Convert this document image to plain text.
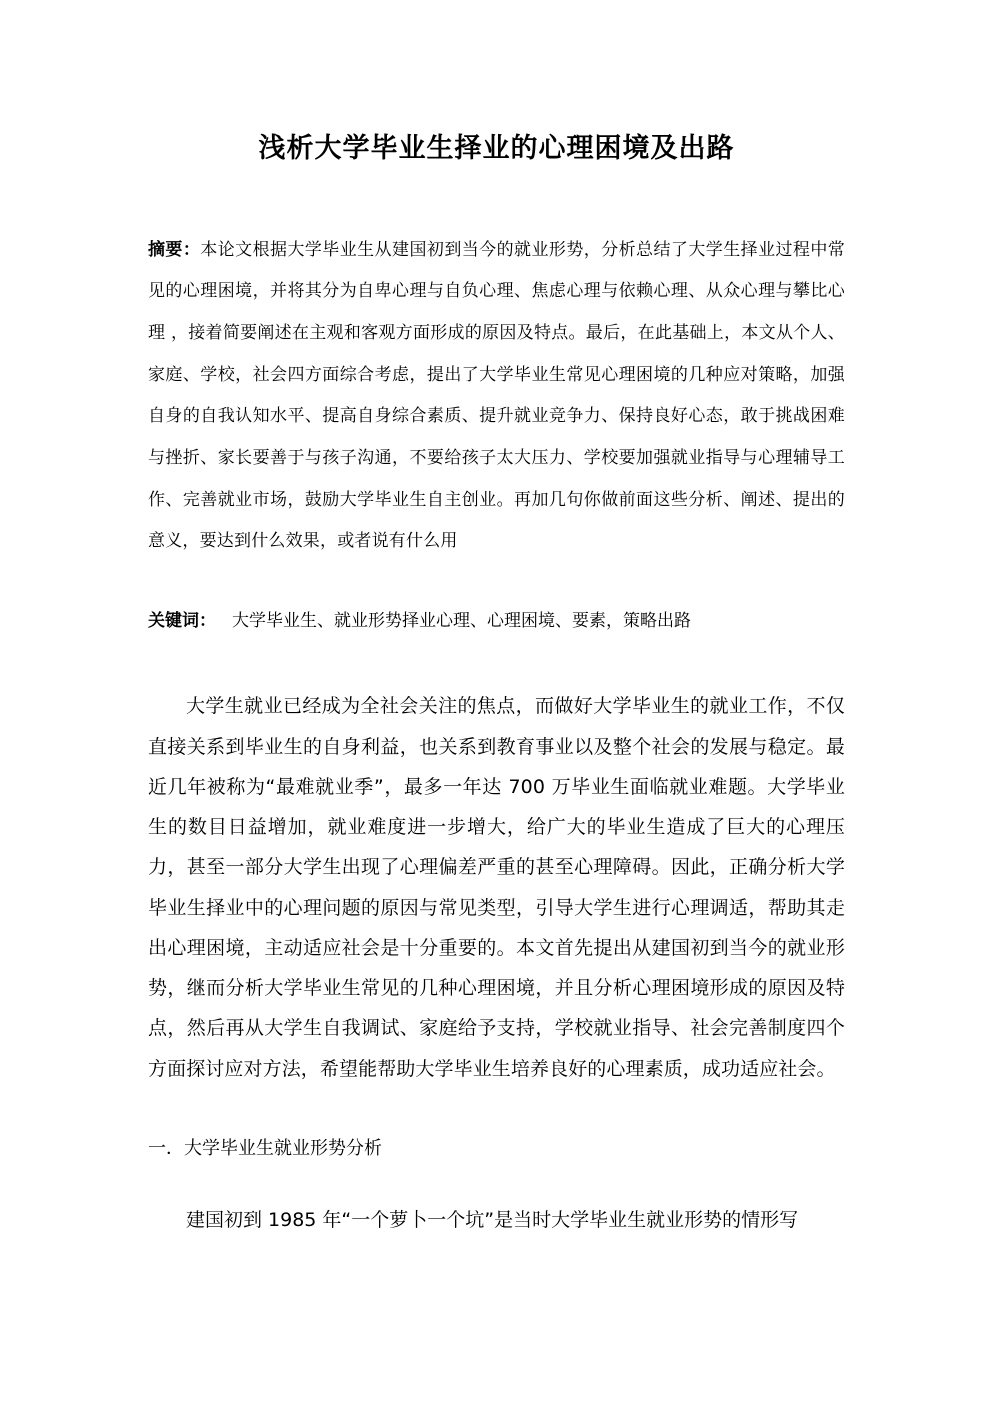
浅析大学毕业生择业的心理困境及出路
摘要：本论文根据大学毕业生从建国初到当今的就业形势，分析总结了大学生择业过程中常见的心理困境，并将其分为自卑心理与自负心理、焦虑心理与依赖心理、从众心理与攀比心理 ，接着简要阐述在主观和客观方面形成的原因及特点。最后，在此基础上，本文从个人、家庭、学校，社会四方面综合考虑，提出了大学毕业生常见心理困境的几种应对策略，加强自身的自我认知水平、提高自身综合素质、提升就业竞争力、保持良好心态，敢于挑战困难与挫折、家长要善于与孩子沟通，不要给孩子太大压力、学校要加强就业指导与心理辅导工作、完善就业市场，鼓励大学毕业生自主创业。再加几句你做前面这些分析、阐述、提出的意义，要达到什么效果，或者说有什么用
关键词： 大学毕业生、就业形势择业心理、心理困境、要素，策略出路

大学生就业已经成为全社会关注的焦点，而做好大学毕业生的就业工作，不仅直接关系到毕业生的自身利益，也关系到教育事业以及整个社会的发展与稳定。最近几年被称为“最难就业季”，最多一年达 700 万毕业生面临就业难题。大学毕业生的数目日益增加，就业难度进一步增大，给广大的毕业生造成了巨大的心理压力，甚至一部分大学生出现了心理偏差严重的甚至心理障碍。因此，正确分析大学毕业生择业中的心理问题的原因与常见类型，引导大学生进行心理调适，帮助其走出心理困境，主动适应社会是十分重要的。本文首先提出从建国初到当今的就业形势，继而分析大学毕业生常见的几种心理困境，并且分析心理困境形成的原因及特点，然后再从大学生自我调试、家庭给予支持，学校就业指导、社会完善制度四个方面探讨应对方法，希望能帮助大学毕业生培养良好的心理素质，成功适应社会。

一．大学毕业生就业形势分析

建国初到 1985 年“一个萝卜一个坑”是当时大学毕业生就业形势的情形写
